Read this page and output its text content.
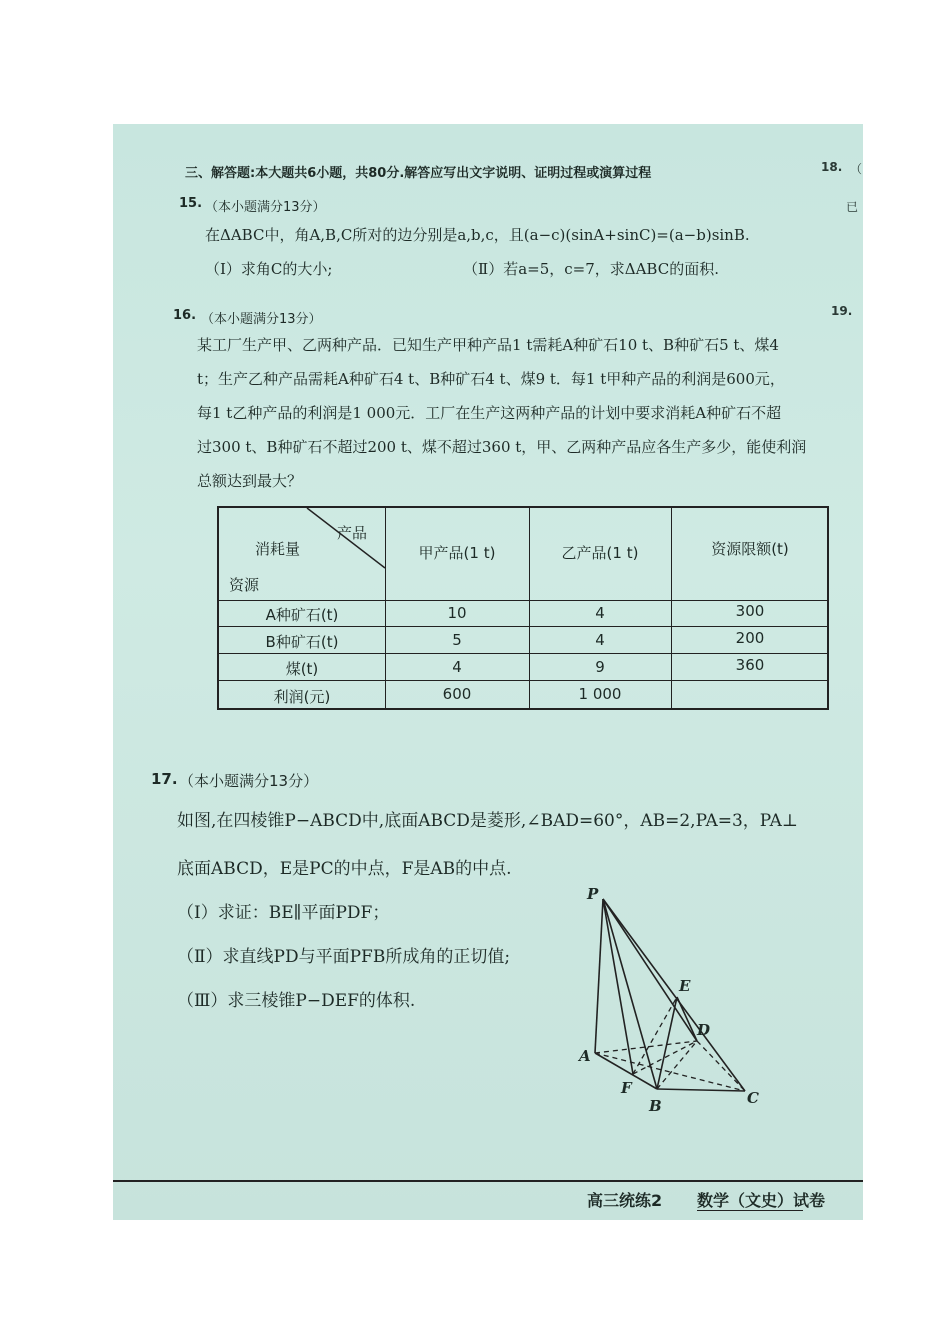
三、解答题:本大题共6小题，共80分.解答应写出文字说明、证明过程或演算过程	18. （
已
19.
15. （本小题满分13分）
在ΔABC中，角A,B,C所对的边分别是a,b,c，且(a−c)(sinA+sinC)=(a−b)sinB.
（Ⅰ）求角C的大小;	（Ⅱ）若a=5，c=7，求ΔABC的面积.
16. （本小题满分13分）
某工厂生产甲、乙两种产品．已知生产甲种产品1 t需耗A种矿石10 t、B种矿石5 t、煤4
t；生产乙种产品需耗A种矿石4 t、B种矿石4 t、煤9 t．每1 t甲种产品的利润是600元，
每1 t乙种产品的利润是1 000元．工厂在生产这两种产品的计划中要求消耗A种矿石不超
过300 t、B种矿石不超过200 t、煤不超过360 t，甲、乙两种产品应各生产多少，能使利润
总额达到最大？
产品
消耗量
资源
甲产品(1 t)	乙产品(1 t)	资源限额(t)
A种矿石(t)	10	4	300
B种矿石(t)	5	4	200
煤(t)	4	9	360
利润(元)	600	1 000
17. （本小题满分13分）
如图,在四棱锥P−ABCD中,底面ABCD是菱形,∠BAD=60°，AB=2,PA=3，PA⊥
底面ABCD，E是PC的中点，F是AB的中点.
（Ⅰ）求证：BE∥平面PDF；
（Ⅱ）求直线PD与平面PFB所成角的正切值;
（Ⅲ）求三棱锥P−DEF的体积.
P
E
D
A
F
B	C
高三统练2 数学（文史）试卷
